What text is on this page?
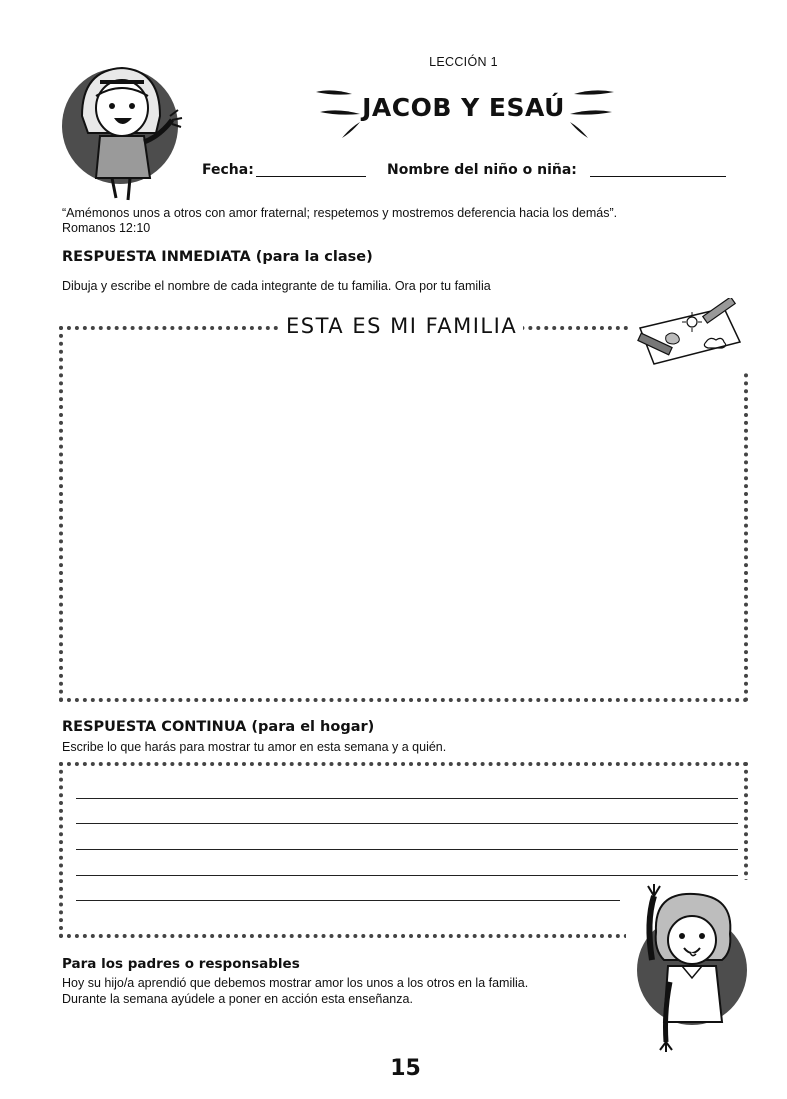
LECCIÓN 1
JACOB Y ESAÚ
Fecha:	Nombre del niño o niña:
“Amémonos unos a otros con amor fraternal; respetemos y mostremos deferencia hacia los demás”.
Romanos 12:10
RESPUESTA INMEDIATA (para la clase)
Dibuja y escribe el nombre de cada integrante de tu familia. Ora por tu familia
ESTA ES MI FAMILIA
RESPUESTA CONTINUA (para el hogar)
Escribe lo que harás para mostrar tu amor en esta semana y a quién.
Para los padres o responsables
Hoy su hijo/a aprendió que debemos mostrar amor los unos a los otros en la familia.
Durante la semana ayúdele a poner en acción esta enseñanza.
15
